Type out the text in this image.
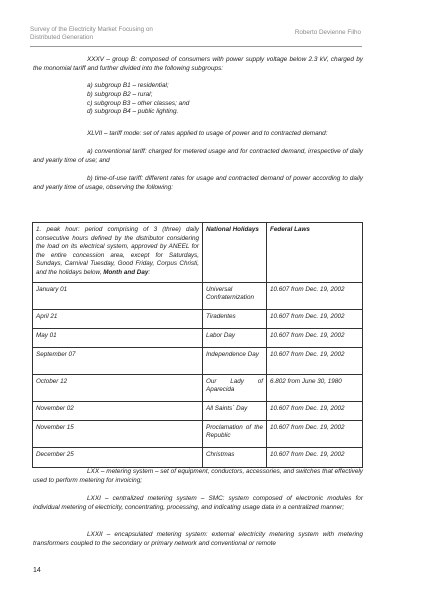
Survey of the Electricity Market Focusing on
Distributed Generation
Roberto Devienne Filho
XXXV – group B: composed of consumers with power supply voltage below 2.3 kV, charged by the monomial tariff and further divided into the following subgroups:
a) subgroup B1 – residential;
b) subgroup B2 – rural;
c) subgroup B3 – other classes; and
d) subgroup B4 – public lighting.
XLVII – tariff mode: set of rates applied to usage of power and to contracted demand:
a) conventional tariff: charged for metered usage and for contracted demand, irrespective of daily and yearly time of use; and
b) time-of-use tariff: different rates for usage and contracted demand of power according to daily and yearly time of usage, observing the following:
1. peak hour: period comprising of 3 (three) daily consecutive hours defined by the distributor considering the load on its electrical system, approved by ANEEL for the entire concession area, except for Saturdays, Sundays, Carnival Tuesday, Good Friday, Corpus Christi, and the holidays below, Month and Day:	National Holidays	Federal Laws
January 01	Universal Confraternization	10.607 from Dec. 19, 2002
April 21	Tiradentes	10.607 from Dec. 19, 2002
May 01	Labor Day	10.607 from Dec. 19, 2002
September 07	Independence Day	10.607 from Dec. 19, 2002
October 12	Our Lady of Aparecida	6.802 from June 30, 1980
November 02	All Saints´ Day	10.607 from Dec. 19, 2002
November 15	Proclamation of the Republic	10.607 from Dec. 19, 2002
December 25	Christmas	10.607 from Dec. 19, 2002
LXX – metering system – set of equipment, conductors, accessories, and switches that effectively used to perform metering for invoicing;
LXXI – centralized metering system – SMC: system composed of electronic modules for individual metering of electricity, concentrating, processing, and indicating usage data in a centralized manner;
LXXII – encapsulated metering system: external electricity metering system with metering transformers coupled to the secondary or primary network and conventional or remote
14
